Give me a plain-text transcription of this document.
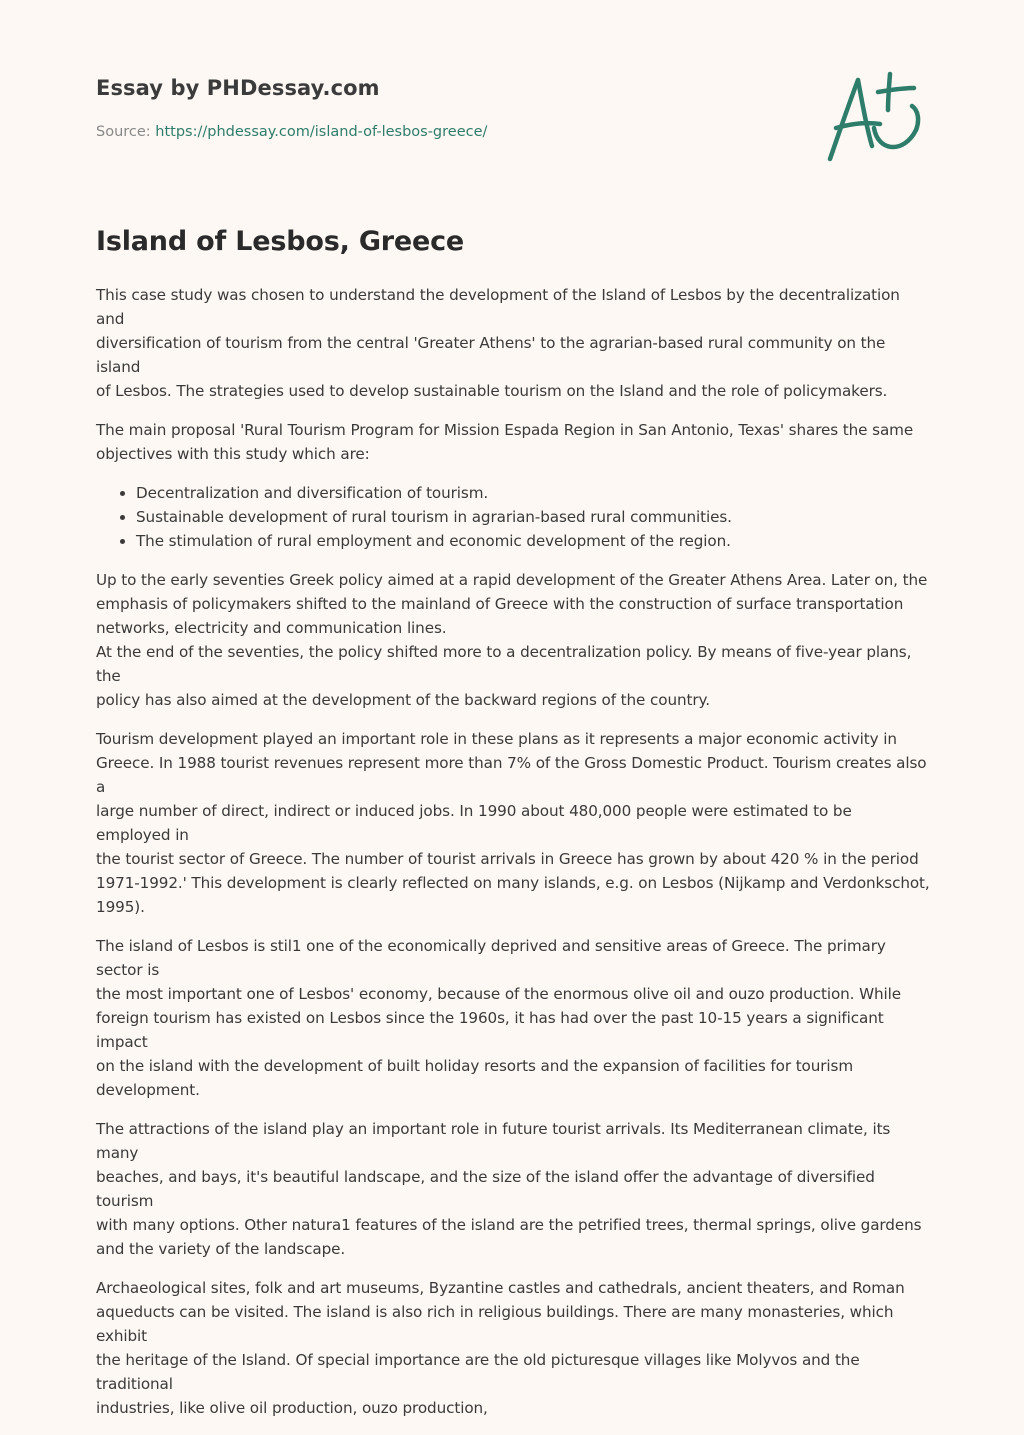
Essay by PHDessay.com
Source: https://phdessay.com/island-of-lesbos-greece/
Island of Lesbos, Greece

This case study was chosen to understand the development of the Island of Lesbos by the decentralization and
diversification of tourism from the central 'Greater Athens' to the agrarian-based rural community on the island
of Lesbos. The strategies used to develop sustainable tourism on the Island and the role of policymakers.

The main proposal 'Rural Tourism Program for Mission Espada Region in San Antonio, Texas' shares the same
objectives with this study which are:

• Decentralization and diversification of tourism.
• Sustainable development of rural tourism in agrarian-based rural communities.
• The stimulation of rural employment and economic development of the region.

Up to the early seventies Greek policy aimed at a rapid development of the Greater Athens Area. Later on, the
emphasis of policymakers shifted to the mainland of Greece with the construction of surface transportation
networks, electricity and communication lines.
At the end of the seventies, the policy shifted more to a decentralization policy. By means of five-year plans, the
policy has also aimed at the development of the backward regions of the country.

Tourism development played an important role in these plans as it represents a major economic activity in
Greece. In 1988 tourist revenues represent more than 7% of the Gross Domestic Product. Tourism creates also a
large number of direct, indirect or induced jobs. In 1990 about 480,000 people were estimated to be employed in
the tourist sector of Greece. The number of tourist arrivals in Greece has grown by about 420 % in the period
1971-1992.' This development is clearly reflected on many islands, e.g. on Lesbos (Nijkamp and Verdonkschot,
1995).

The island of Lesbos is stil1 one of the economically deprived and sensitive areas of Greece. The primary sector is
the most important one of Lesbos' economy, because of the enormous olive oil and ouzo production. While
foreign tourism has existed on Lesbos since the 1960s, it has had over the past 10-15 years a significant impact
on the island with the development of built holiday resorts and the expansion of facilities for tourism
development.

The attractions of the island play an important role in future tourist arrivals. Its Mediterranean climate, its many
beaches, and bays, it's beautiful landscape, and the size of the island offer the advantage of diversified tourism
with many options. Other natura1 features of the island are the petrified trees, thermal springs, olive gardens
and the variety of the landscape.

Archaeological sites, folk and art museums, Byzantine castles and cathedrals, ancient theaters, and Roman
aqueducts can be visited. The island is also rich in religious buildings. There are many monasteries, which exhibit
the heritage of the Island. Of special importance are the old picturesque villages like Molyvos and the traditional
industries, like olive oil production, ouzo production,
